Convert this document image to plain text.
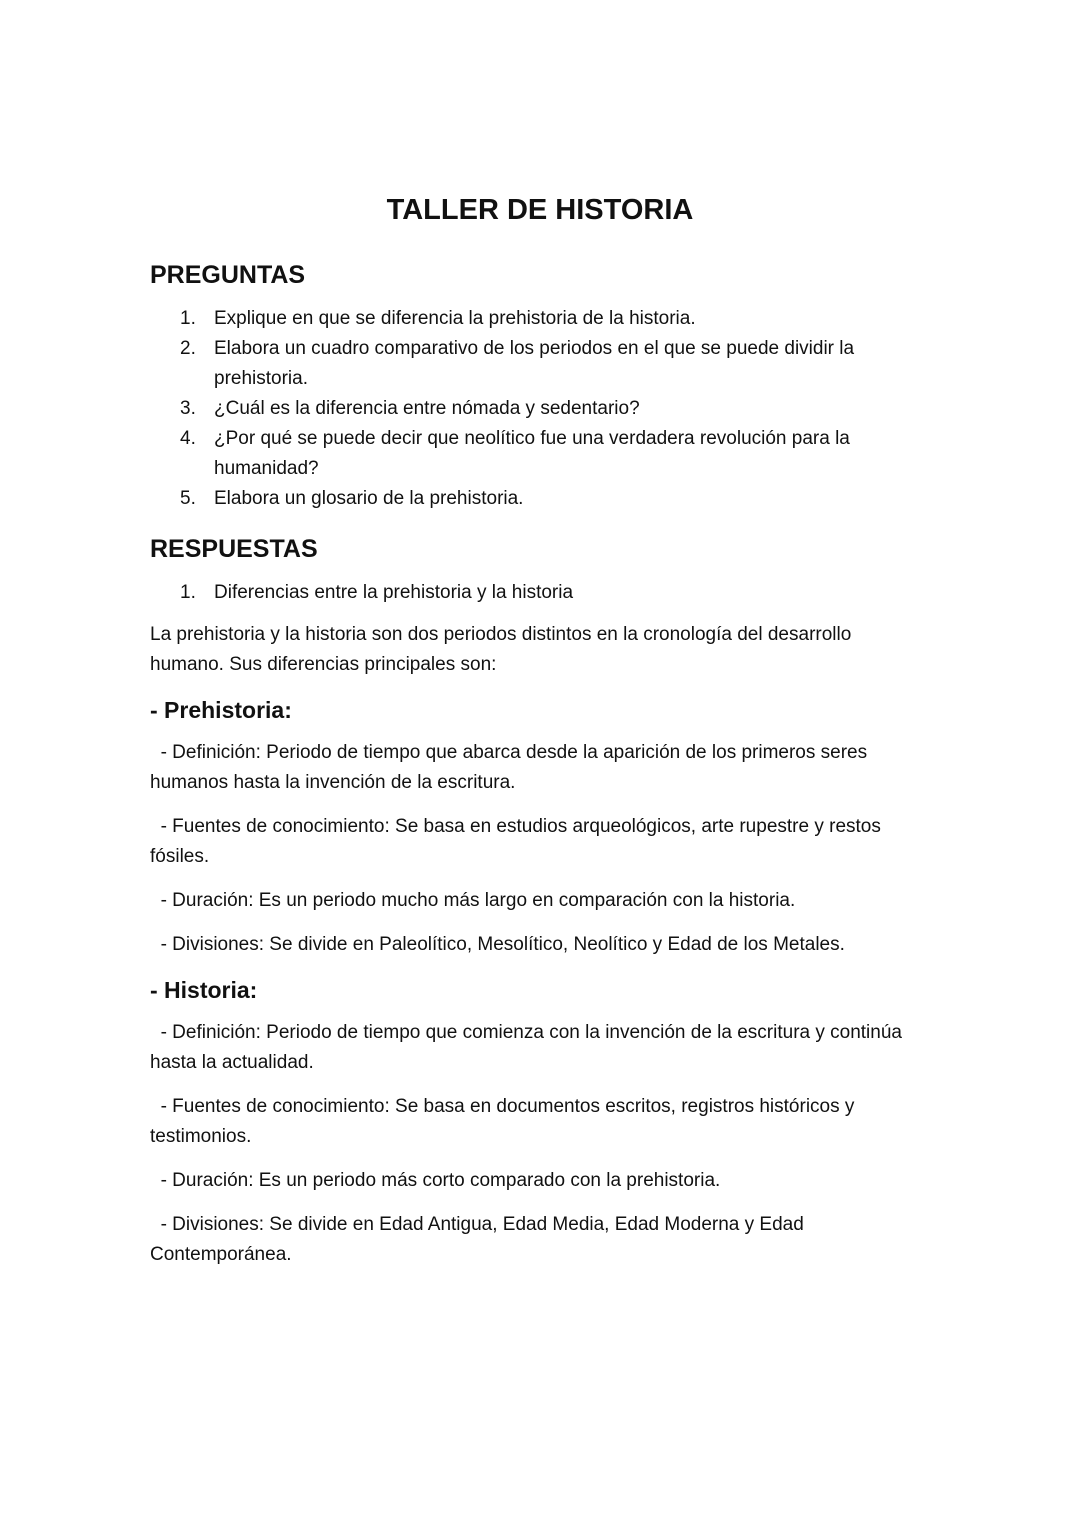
TALLER DE HISTORIA
PREGUNTAS
1. Explique en que se diferencia la prehistoria de la historia.
2. Elabora un cuadro comparativo de los periodos en el que se puede dividir la prehistoria.
3. ¿Cuál es la diferencia entre nómada y sedentario?
4. ¿Por qué se puede decir que neolítico fue una verdadera revolución para la humanidad?
5. Elabora un glosario de la prehistoria.
RESPUESTAS
1. Diferencias entre la prehistoria y la historia

La prehistoria y la historia son dos periodos distintos en la cronología del desarrollo humano. Sus diferencias principales son:

- Prehistoria:

- Definición: Periodo de tiempo que abarca desde la aparición de los primeros seres humanos hasta la invención de la escritura.

- Fuentes de conocimiento: Se basa en estudios arqueológicos, arte rupestre y restos fósiles.

- Duración: Es un periodo mucho más largo en comparación con la historia.

- Divisiones: Se divide en Paleolítico, Mesolítico, Neolítico y Edad de los Metales.

- Historia:

- Definición: Periodo de tiempo que comienza con la invención de la escritura y continúa hasta la actualidad.

- Fuentes de conocimiento: Se basa en documentos escritos, registros históricos y testimonios.

- Duración: Es un periodo más corto comparado con la prehistoria.

- Divisiones: Se divide en Edad Antigua, Edad Media, Edad Moderna y Edad Contemporánea.
